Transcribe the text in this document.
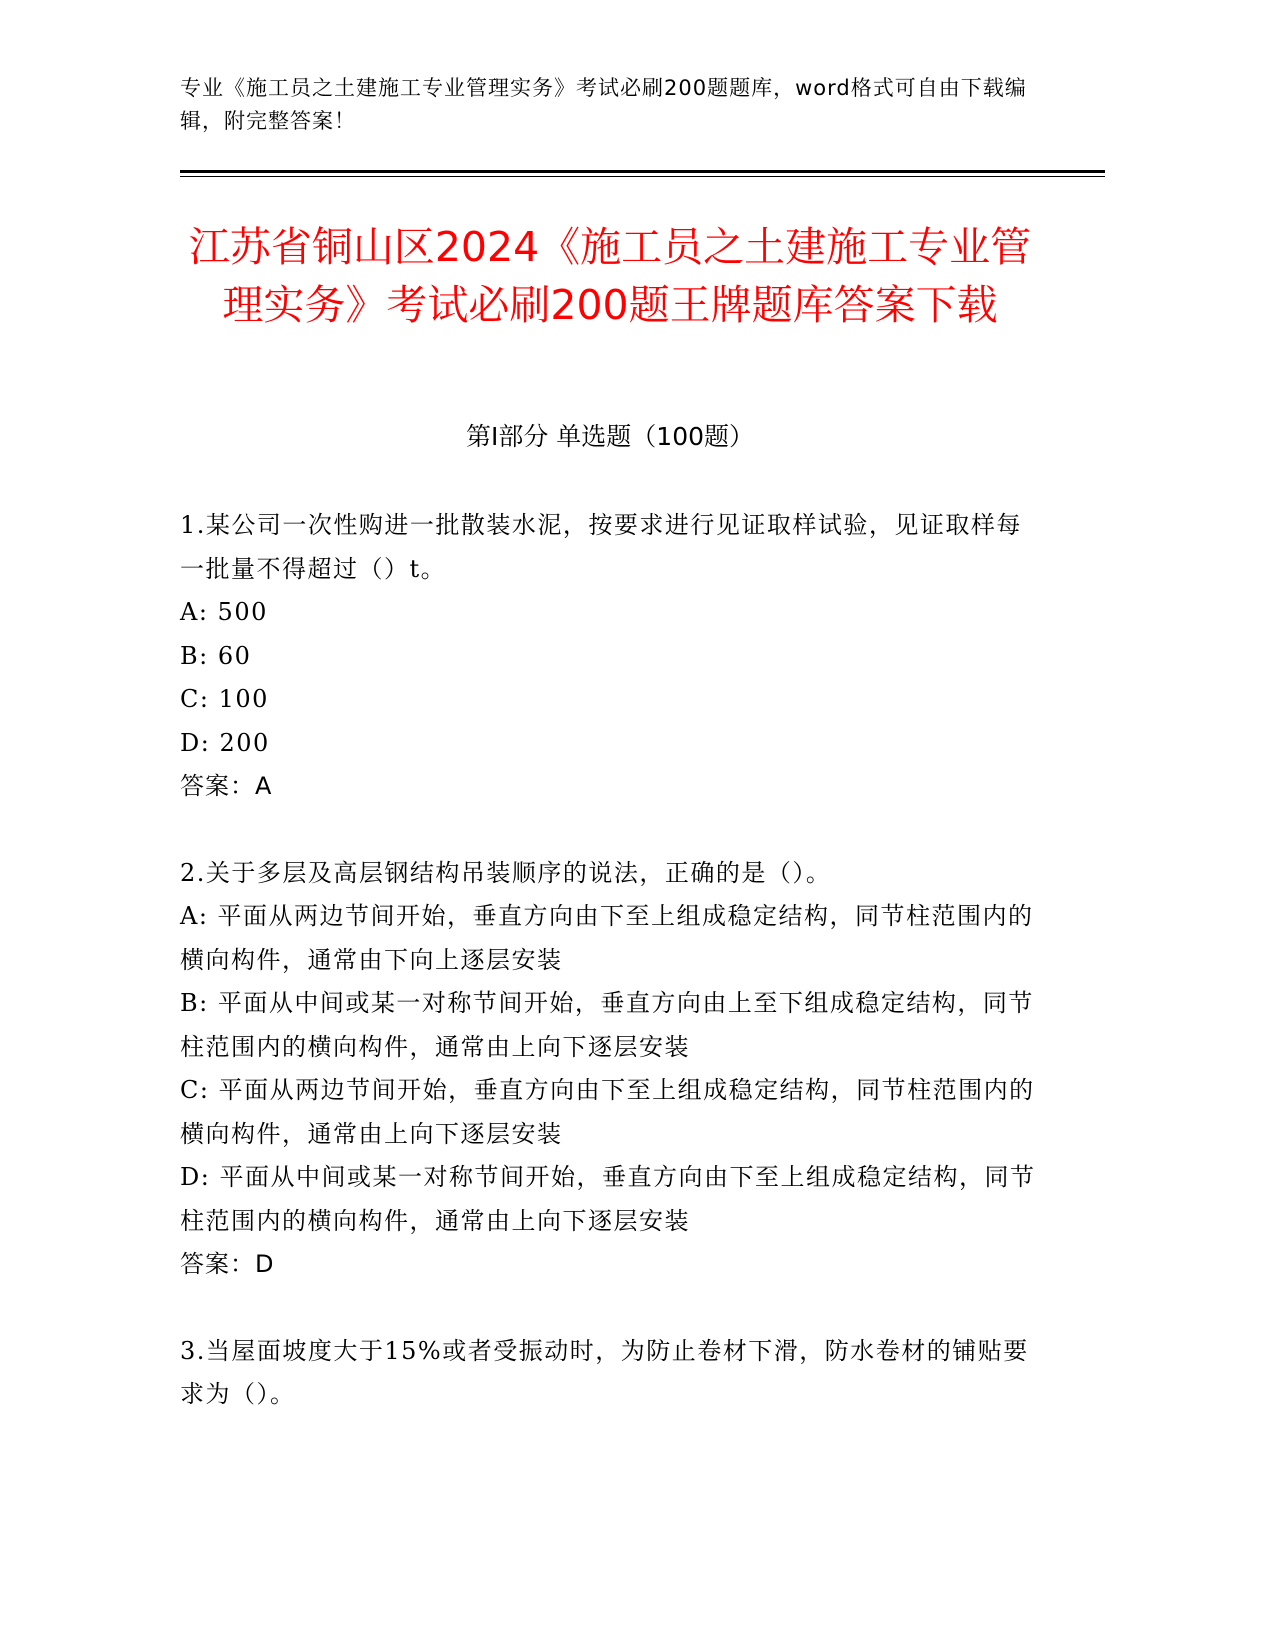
专业《施工员之土建施工专业管理实务》考试必刷200题题库，word格式可自由下载编辑，附完整答案！
江苏省铜山区2024《施工员之土建施工专业管理实务》考试必刷200题王牌题库答案下载
第I部分 单选题（100题）

1.某公司一次性购进一批散装水泥，按要求进行见证取样试验，见证取样每一批量不得超过（）t。

A: 500

B: 60

C: 100

D: 200

答案：A

2.关于多层及高层钢结构吊装顺序的说法，正确的是（）。

A: 平面从两边节间开始，垂直方向由下至上组成稳定结构，同节柱范围内的横向构件，通常由下向上逐层安装

B: 平面从中间或某一对称节间开始，垂直方向由上至下组成稳定结构，同节柱范围内的横向构件，通常由上向下逐层安装

C: 平面从两边节间开始，垂直方向由下至上组成稳定结构，同节柱范围内的横向构件，通常由上向下逐层安装

D: 平面从中间或某一对称节间开始，垂直方向由下至上组成稳定结构，同节柱范围内的横向构件，通常由上向下逐层安装

答案：D

3.当屋面坡度大于15%或者受振动时，为防止卷材下滑，防水卷材的铺贴要求为（）。
